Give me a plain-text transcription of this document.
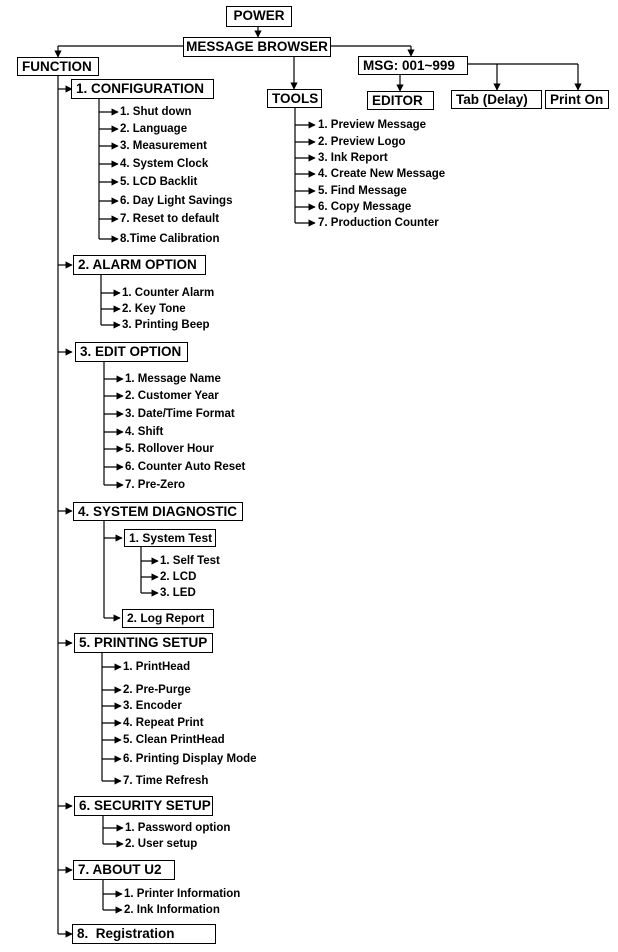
POWER
MESSAGE BROWSER
FUNCTION
TOOLS
MSG: 001~999
EDITOR	Tab (Delay)	Print On
1. Preview Message
2. Preview Logo
3. Ink Report
4. Create New Message
5. Find Message
6. Copy Message
7. Production Counter
1. CONFIGURATION
1. Shut down
2. Language
3. Measurement
4. System Clock
5. LCD Backlit
6. Day Light Savings
7. Reset to default
8.Time Calibration
2. ALARM OPTION
1. Counter Alarm
2. Key Tone
3. Printing Beep
3. EDIT OPTION
1. Message Name
2. Customer Year
3. Date/Time Format
4. Shift
5. Rollover Hour
6. Counter Auto Reset
7. Pre-Zero
4. SYSTEM DIAGNOSTIC
1. System Test
1. Self Test
2. LCD
3. LED
2. Log Report
5. PRINTING SETUP
1. PrintHead
2. Pre-Purge
3. Encoder
4. Repeat Print
5. Clean PrintHead
6. Printing Display Mode
7. Time Refresh
6. SECURITY SETUP
1. Password option
2. User setup
7. ABOUT U2
1. Printer Information
2. Ink Information
8.  Registration
